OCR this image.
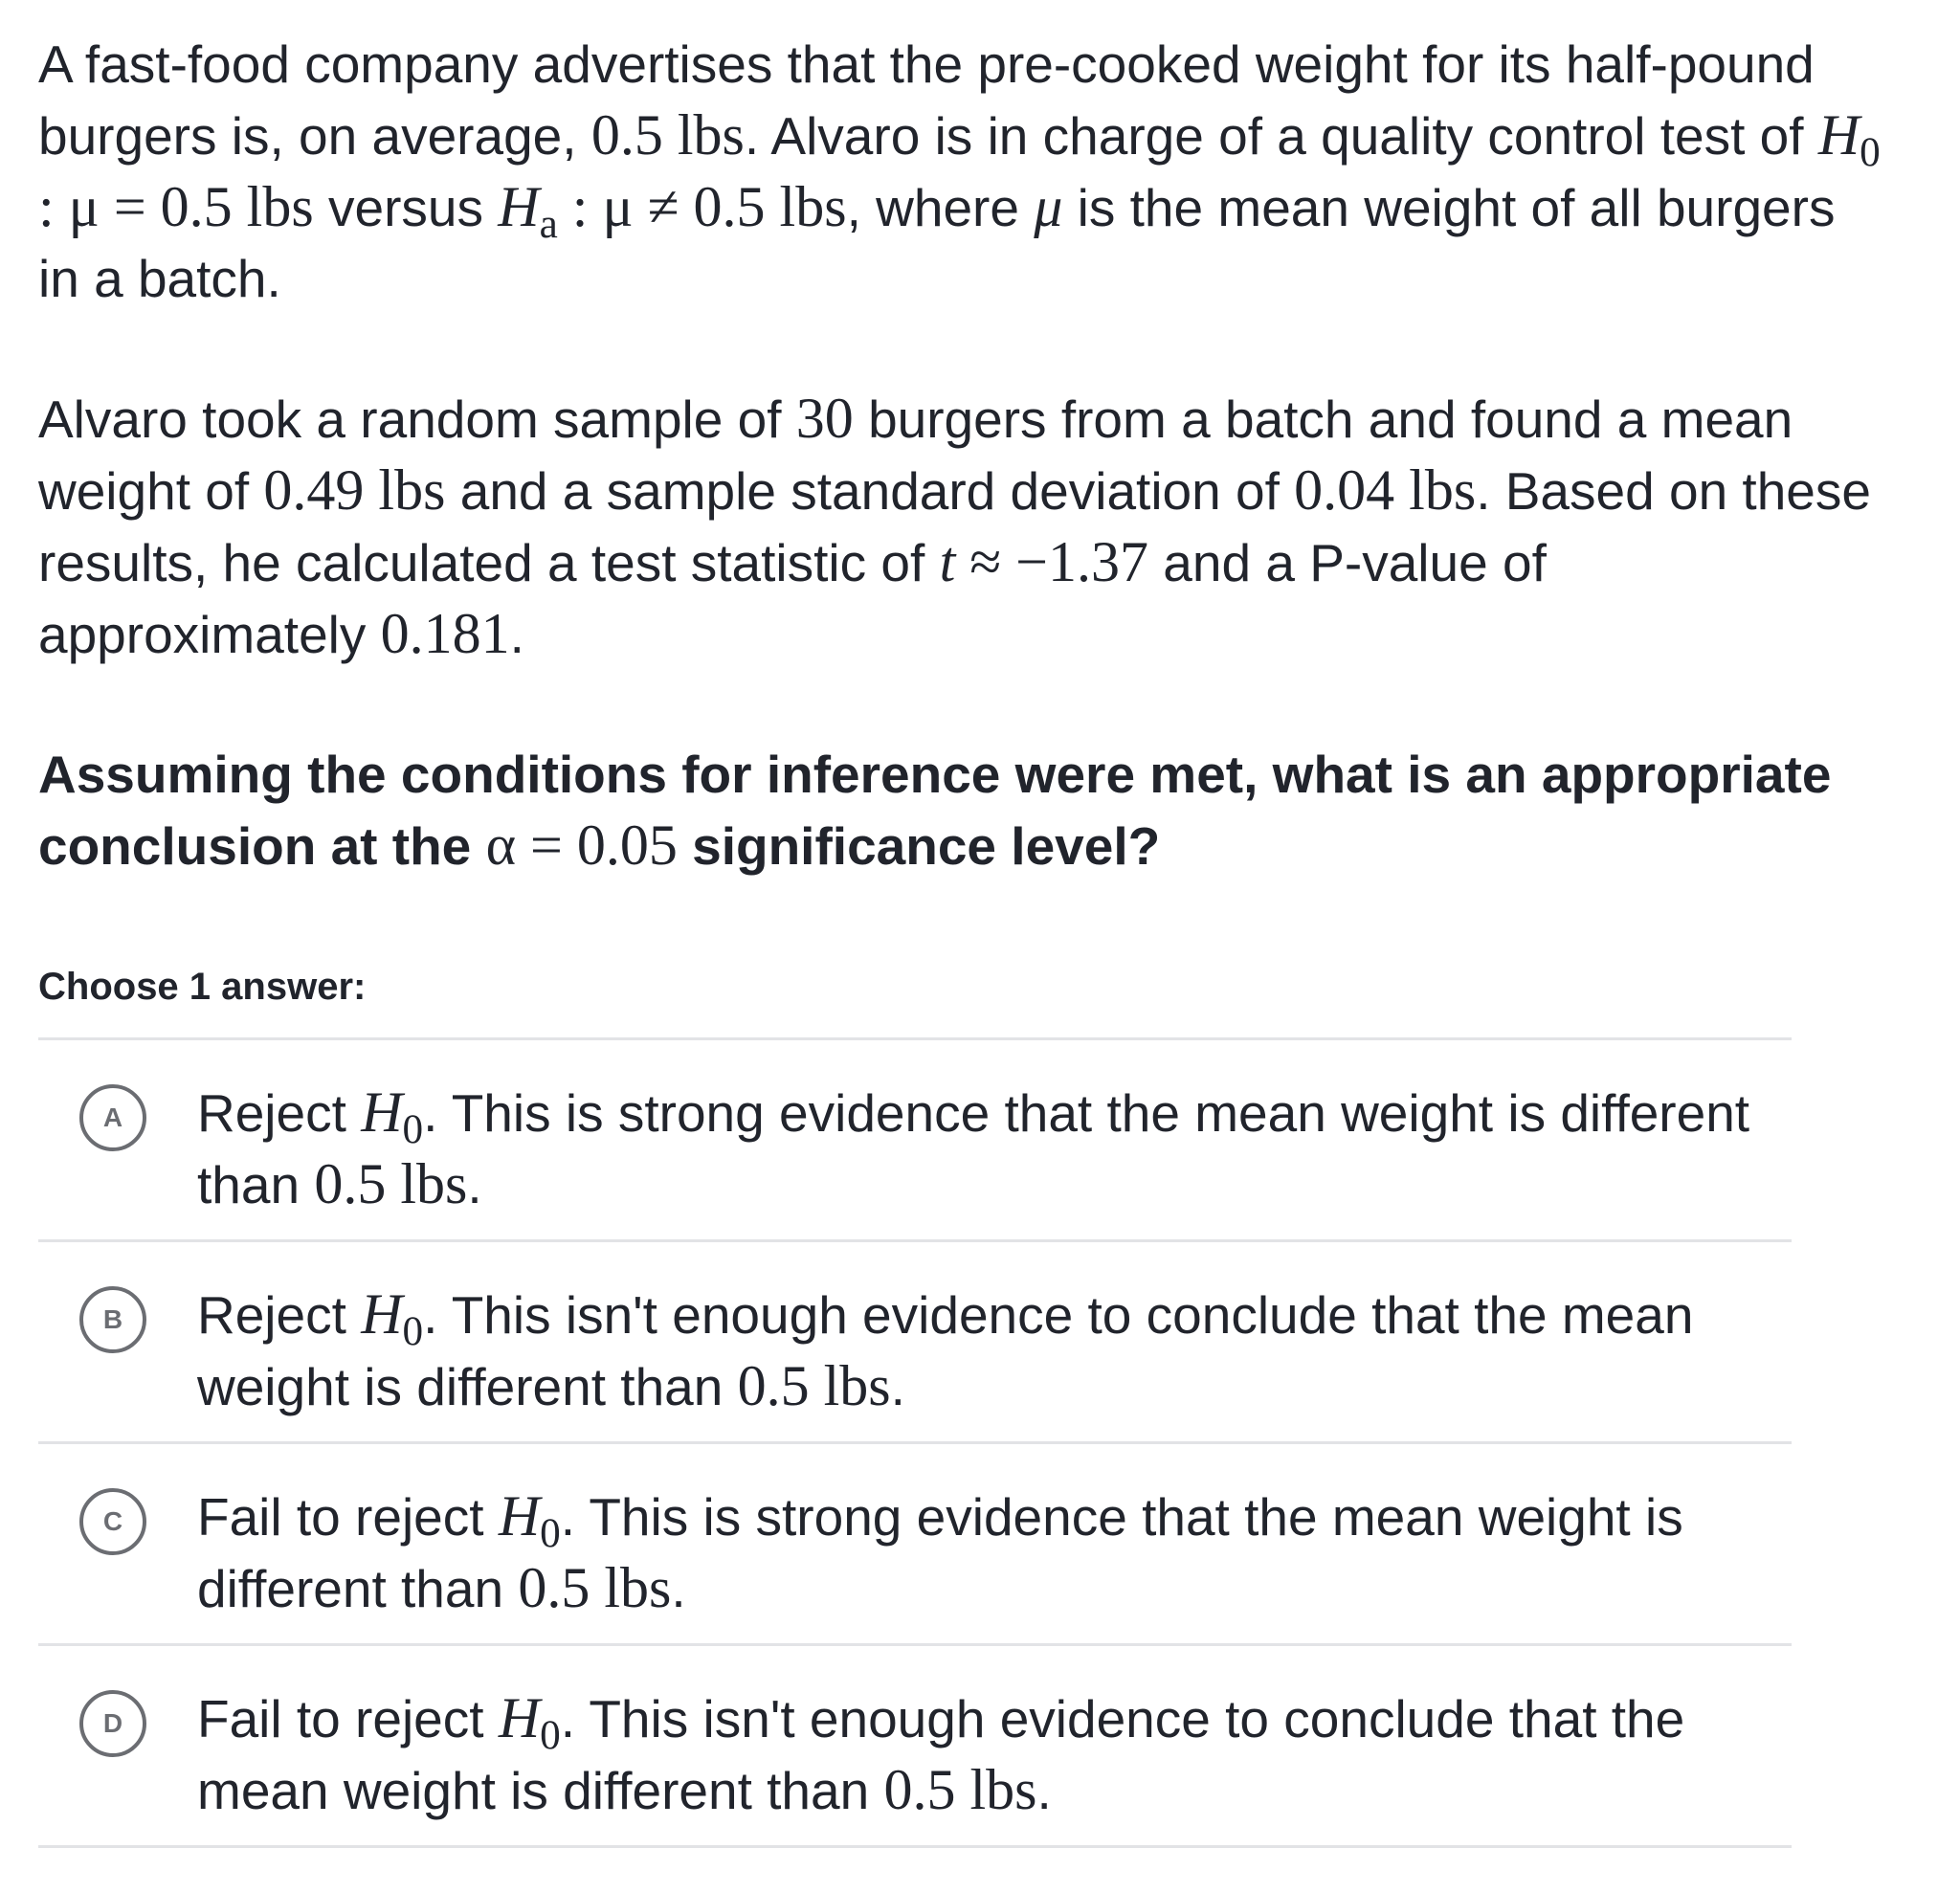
A fast-food company advertises that the pre-cooked weight for its half-pound burgers is, on average, 0.5 lbs. Alvaro is in charge of a quality control test of $H_0$ : μ = 0.5 lbs versus $H_a$ : μ ≠ 0.5 lbs, where μ is the mean weight of all burgers in a batch.

Alvaro took a random sample of 30 burgers from a batch and found a mean weight of 0.49 lbs and a sample standard deviation of 0.04 lbs. Based on these results, he calculated a test statistic of t ≈ −1.37 and a P-value of approximately 0.181.

Assuming the conditions for inference were met, what is an appropriate conclusion at the α = 0.05 significance level?

Choose 1 answer:
A	Reject $H_0$. This is strong evidence that the mean weight is different than 0.5 lbs.
B	Reject $H_0$. This isn't enough evidence to conclude that the mean weight is different than 0.5 lbs.
C	Fail to reject $H_0$. This is strong evidence that the mean weight is different than 0.5 lbs.
D	Fail to reject $H_0$. This isn't enough evidence to conclude that the mean weight is different than 0.5 lbs.
